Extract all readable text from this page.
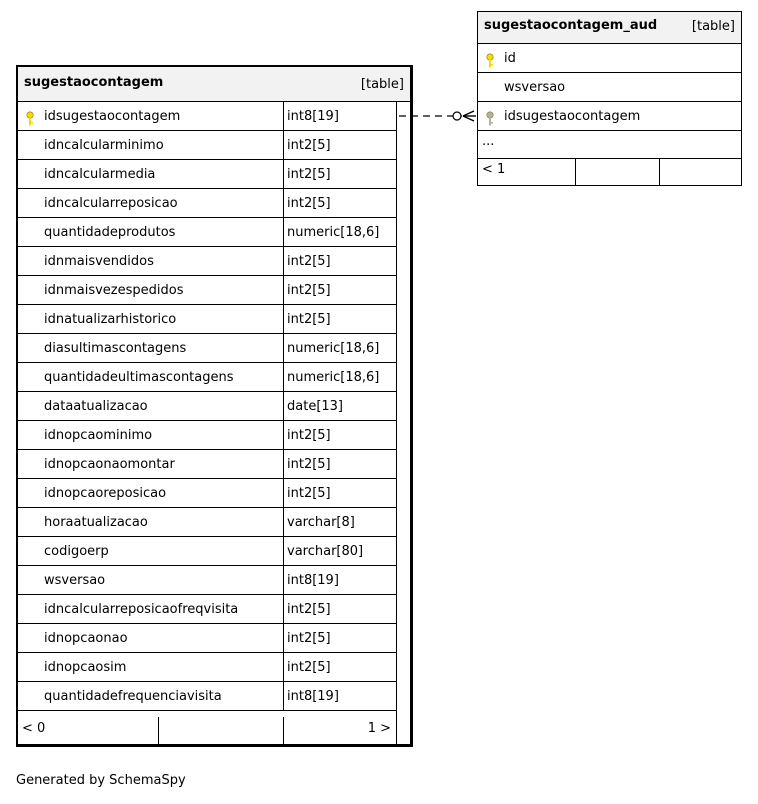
sugestaocontagem	[table]
idsugestaocontagem	int8[19]
idncalcularminimo	int2[5]
idncalcularmedia	int2[5]
idncalcularreposicao	int2[5]
quantidadeprodutos	numeric[18,6]
idnmaisvendidos	int2[5]
idnmaisvezespedidos	int2[5]
idnatualizarhistorico	int2[5]
diasultimascontagens	numeric[18,6]
quantidadeultimascontagens	numeric[18,6]
dataatualizacao	date[13]
idnopcaominimo	int2[5]
idnopcaonaomontar	int2[5]
idnopcaoreposicao	int2[5]
horaatualizacao	varchar[8]
codigoerp	varchar[80]
wsversao	int8[19]
idncalcularreposicaofreqvisita	int2[5]
idnopcaonao	int2[5]
idnopcaosim	int2[5]
quantidadefrequenciavisita	int8[19]
< 0	1 >
sugestaocontagem_aud	[table]
id
wsversao
idsugestaocontagem
...
< 1
Generated by SchemaSpy
